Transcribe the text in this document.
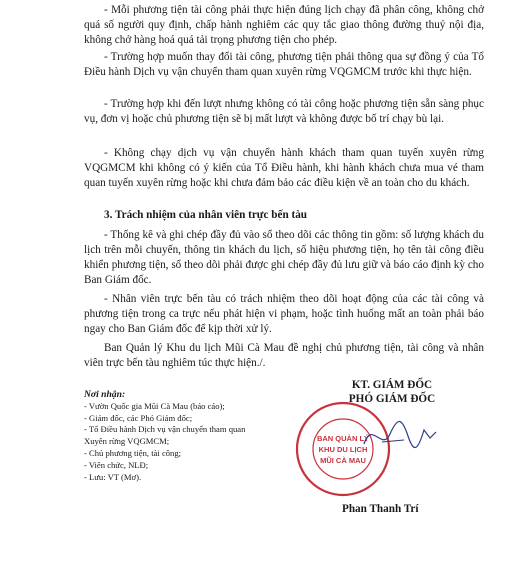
- Mỗi phương tiện tài công phải thực hiện đúng lịch chạy đã phân công, không chở quá số người quy định, chấp hành nghiêm các quy tắc giao thông đường thuỷ nội địa, không chở hàng hoá quá tải trọng phương tiện cho phép.

- Trường hợp muốn thay đổi tài công, phương tiện phải thông qua sự đồng ý của Tổ Điều hành Dịch vụ vận chuyển tham quan xuyên rừng VQGMCM trước khi thực hiện.

- Trường hợp khi đến lượt nhưng không có tài công hoặc phương tiện sẵn sàng phục vụ, đơn vị hoặc chủ phương tiện sẽ bị mất lượt và không được bố trí chạy bù lại.

- Không chạy dịch vụ vận chuyển hành khách tham quan tuyến xuyên rừng VQGMCM khi không có ý kiến của Tổ Điều hành, khi hành khách chưa mua vé tham quan tuyến xuyên rừng hoặc khi chưa đảm bảo các điều kiện về an toàn cho du khách.

3. Trách nhiệm của nhân viên trực bến tàu

- Thống kê và ghi chép đầy đủ vào sổ theo dõi các thông tin gồm: số lượng khách du lịch trên mỗi chuyến, thông tin khách du lịch, số hiệu phương tiện, họ tên tài công điều khiển phương tiện, sổ theo dõi phải được ghi chép đầy đủ lưu giữ và báo cáo định kỳ cho Ban Giám đốc.

- Nhân viên trực bến tàu có trách nhiệm theo dõi hoạt động của các tài công và phương tiện trong ca trực nếu phát hiện vi phạm, hoặc tình huống mất an toàn phải báo ngay cho Ban Giám đốc để kịp thời xử lý.

Ban Quản lý Khu du lịch Mũi Cà Mau đề nghị chủ phương tiện, tài công và nhân viên trực bến tàu nghiêm túc thực hiện./.

Nơi nhận:
- Vườn Quốc gia Mũi Cà Mau (báo cáo);
- Giám đốc, các Phó Giám đốc;
- Tổ Điều hành Dịch vụ vận chuyển tham quan
Xuyên rừng VQGMCM;
- Chủ phương tiện, tài công;
- Viên chức, NLĐ;
- Lưu: VT (Mơ).
KT. GIÁM ĐỐC
PHÓ GIÁM ĐỐC
BAN QUẢN LÝ
KHU DU LỊCH
MŨI CÀ MAU
Phan Thanh Trí
